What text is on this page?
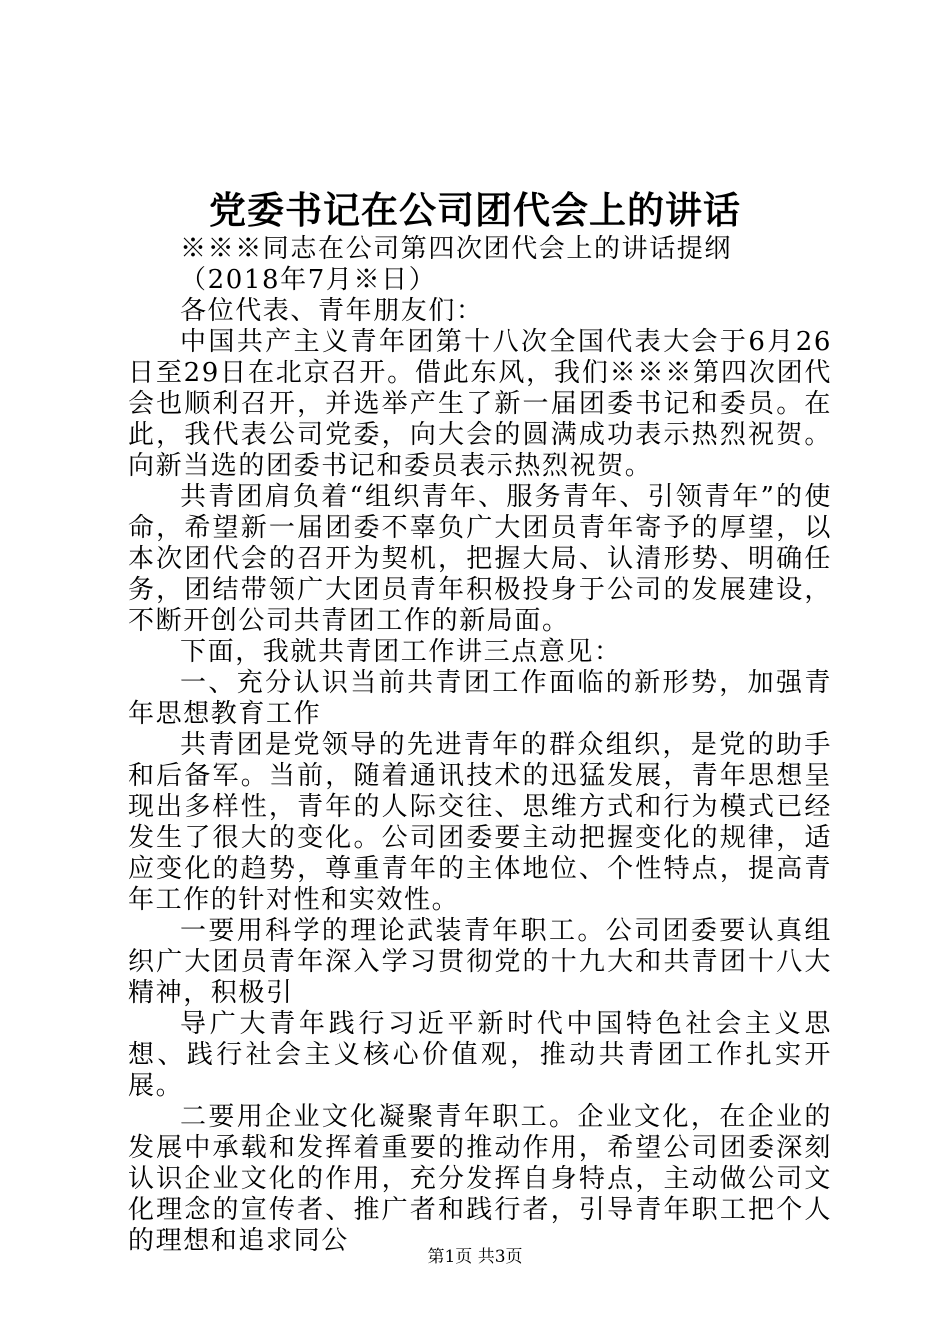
党委书记在公司团代会上的讲话

※※※同志在公司第四次团代会上的讲话提纲

（2018年7月※日）

各位代表、青年朋友们：

中国共产主义青年团第十八次全国代表大会于6月26日至29日在北京召开。借此东风，我们※※※第四次团代会也顺利召开，并选举产生了新一届团委书记和委员。在此，我代表公司党委，向大会的圆满成功表示热烈祝贺。向新当选的团委书记和委员表示热烈祝贺。

共青团肩负着“组织青年、服务青年、引领青年”的使命，希望新一届团委不辜负广大团员青年寄予的厚望，以本次团代会的召开为契机，把握大局、认清形势、明确任务，团结带领广大团员青年积极投身于公司的发展建设，不断开创公司共青团工作的新局面。

下面，我就共青团工作讲三点意见：

一、充分认识当前共青团工作面临的新形势，加强青年思想教育工作

共青团是党领导的先进青年的群众组织，是党的助手和后备军。当前，随着通讯技术的迅猛发展，青年思想呈现出多样性，青年的人际交往、思维方式和行为模式已经发生了很大的变化。公司团委要主动把握变化的规律，适应变化的趋势，尊重青年的主体地位、个性特点，提高青年工作的针对性和实效性。

一要用科学的理论武装青年职工。公司团委要认真组织广大团员青年深入学习贯彻党的十九大和共青团十八大精神，积极引

导广大青年践行习近平新时代中国特色社会主义思想、践行社会主义核心价值观，推动共青团工作扎实开展。

二要用企业文化凝聚青年职工。企业文化，在企业的发展中承载和发挥着重要的推动作用，希望公司团委深刻认识企业文化的作用，充分发挥自身特点，主动做公司文化理念的宣传者、推广者和践行者，引导青年职工把个人的理想和追求同公

第1页 共3页
